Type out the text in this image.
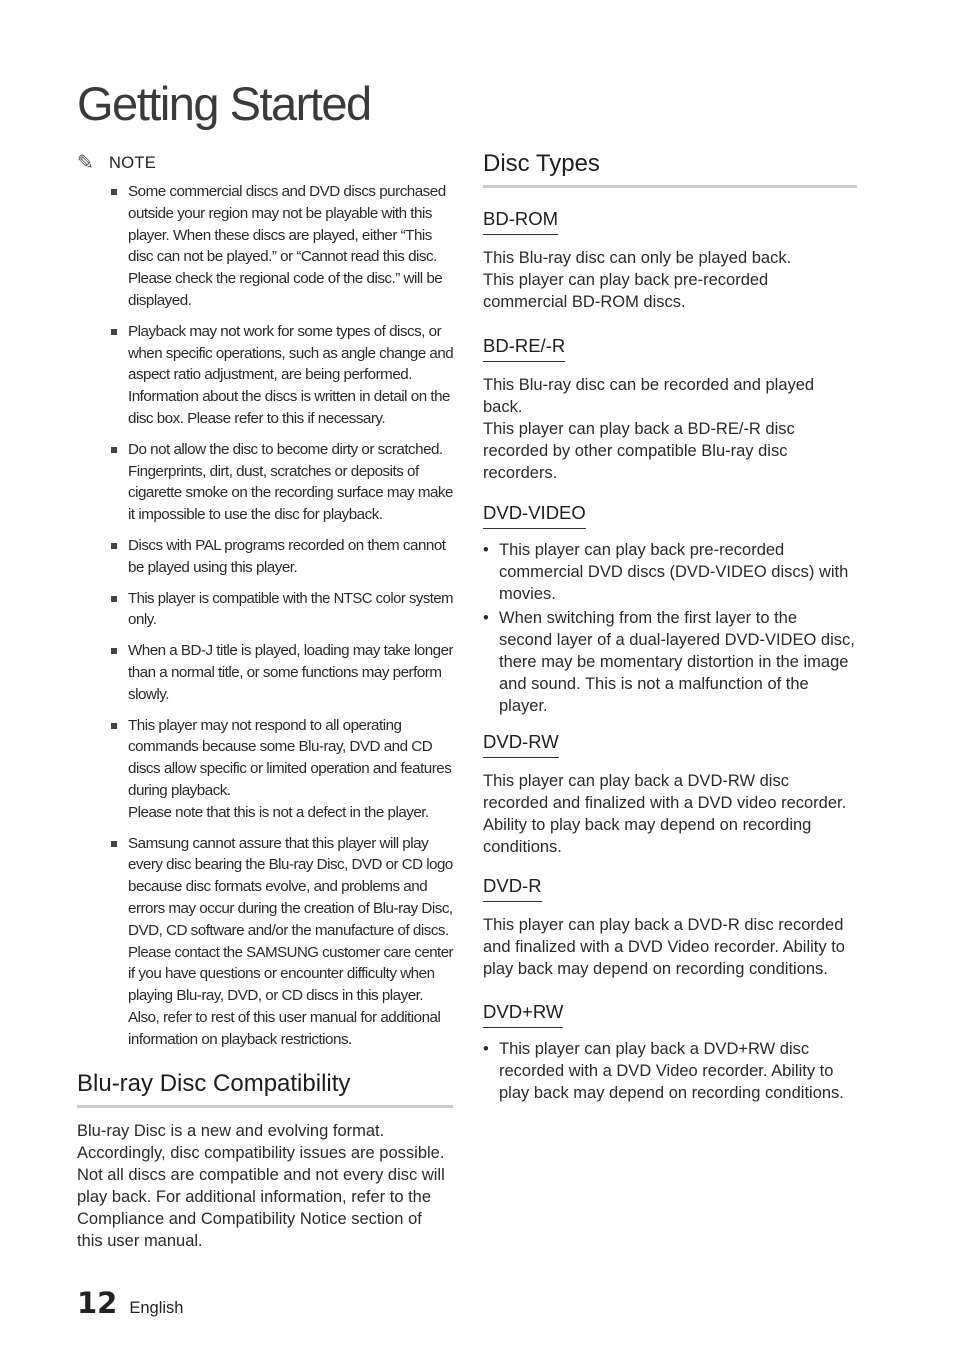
Getting Started
✎ NOTE
Some commercial discs and DVD discs purchased
outside your region may not be playable with this
player. When these discs are played, either “This
disc can not be played.” or “Cannot read this disc.
Please check the regional code of the disc.” will be
displayed.
Playback may not work for some types of discs, or
when specific operations, such as angle change and
aspect ratio adjustment, are being performed.
Information about the discs is written in detail on the
disc box. Please refer to this if necessary.
Do not allow the disc to become dirty or scratched.
Fingerprints, dirt, dust, scratches or deposits of
cigarette smoke on the recording surface may make
it impossible to use the disc for playback.
Discs with PAL programs recorded on them cannot
be played using this player.
This player is compatible with the NTSC color system
only.
When a BD-J title is played, loading may take longer
than a normal title, or some functions may perform
slowly.
This player may not respond to all operating
commands because some Blu-ray, DVD and CD
discs allow specific or limited operation and features
during playback.
Please note that this is not a defect in the player.
Samsung cannot assure that this player will play
every disc bearing the Blu-ray Disc, DVD or CD logo
because disc formats evolve, and problems and
errors may occur during the creation of Blu-ray Disc,
DVD, CD software and/or the manufacture of discs.
Please contact the SAMSUNG customer care center
if you have questions or encounter difficulty when
playing Blu-ray, DVD, or CD discs in this player.
Also, refer to rest of this user manual for additional
information on playback restrictions.
Blu-ray Disc Compatibility

Blu-ray Disc is a new and evolving format.
Accordingly, disc compatibility issues are possible.
Not all discs are compatible and not every disc will
play back. For additional information, refer to the
Compliance and Compatibility Notice section of
this user manual.

Disc Types
BD-ROM

This Blu-ray disc can only be played back.
This player can play back pre-recorded
commercial BD-ROM discs.

BD-RE/-R

This Blu-ray disc can be recorded and played
back.
This player can play back a BD-RE/-R disc
recorded by other compatible Blu-ray disc
recorders.

DVD-VIDEO
• This player can play back pre-recorded
commercial DVD discs (DVD-VIDEO discs) with
movies.
• When switching from the first layer to the
second layer of a dual-layered DVD-VIDEO disc,
there may be momentary distortion in the image
and sound. This is not a malfunction of the
player.
DVD-RW

This player can play back a DVD-RW disc
recorded and finalized with a DVD video recorder.
Ability to play back may depend on recording
conditions.

DVD-R

This player can play back a DVD-R disc recorded
and finalized with a DVD Video recorder. Ability to
play back may depend on recording conditions.

DVD+RW
• This player can play back a DVD+RW disc
recorded with a DVD Video recorder. Ability to
play back may depend on recording conditions.
12 English
